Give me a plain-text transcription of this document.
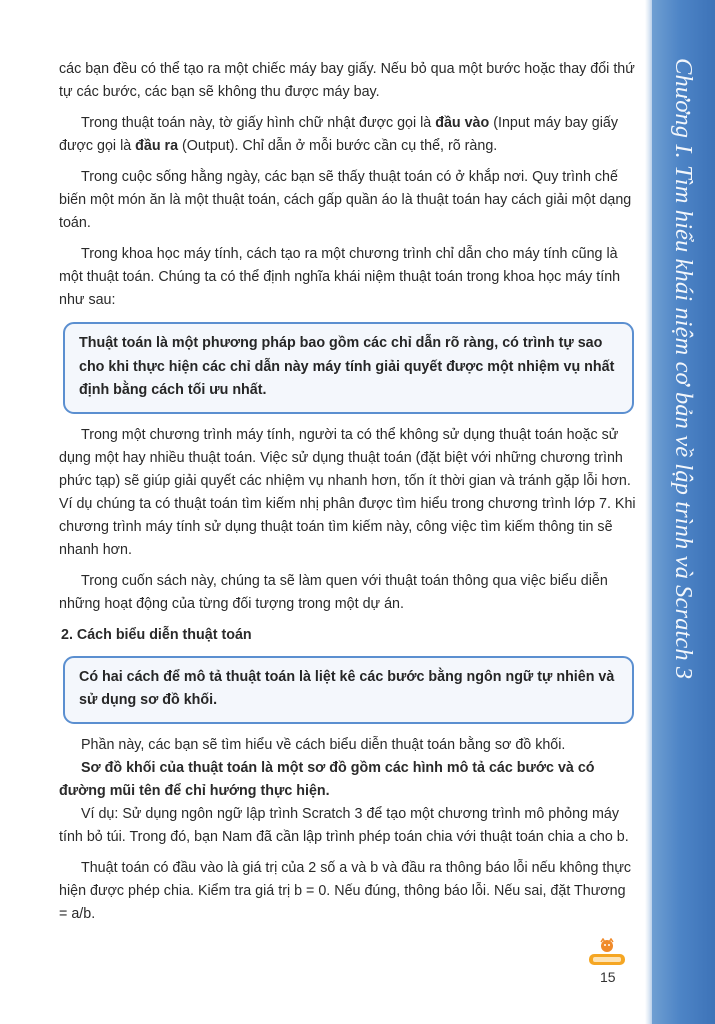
Chương I. Tìm hiểu khái niệm cơ bản về lập trình và Scratch 3

các bạn đều có thể tạo ra một chiếc máy bay giấy. Nếu bỏ qua một bước hoặc thay đổi thứ tự các bước, các bạn sẽ không thu được máy bay.

Trong thuật toán này, tờ giấy hình chữ nhật được gọi là đầu vào (Input máy bay giấy được gọi là đầu ra (Output). Chỉ dẫn ở mỗi bước cần cụ thể, rõ ràng.

Trong cuộc sống hằng ngày, các bạn sẽ thấy thuật toán có ở khắp nơi. Quy trình chế biến một món ăn là một thuật toán, cách gấp quần áo là thuật toán hay cách giải một dạng toán.

Trong khoa học máy tính, cách tạo ra một chương trình chỉ dẫn cho máy tính cũng là một thuật toán. Chúng ta có thể định nghĩa khái niệm thuật toán trong khoa học máy tính như sau:

Thuật toán là một phương pháp bao gồm các chỉ dẫn rõ ràng, có trình tự sao cho khi thực hiện các chỉ dẫn này máy tính giải quyết được một nhiệm vụ nhất định bằng cách tối ưu nhất.

Trong một chương trình máy tính, người ta có thể không sử dụng thuật toán hoặc sử dụng một hay nhiều thuật toán. Việc sử dụng thuật toán (đặt biệt với những chương trình phức tạp) sẽ giúp giải quyết các nhiệm vụ nhanh hơn, tốn ít thời gian và tránh gặp lỗi hơn. Ví dụ chúng ta có thuật toán tìm kiếm nhị phân được tìm hiểu trong chương trình lớp 7. Khi chương trình máy tính sử dụng thuật toán tìm kiếm này, công việc tìm kiếm thông tin sẽ nhanh hơn.

Trong cuốn sách này, chúng ta sẽ làm quen với thuật toán thông qua việc biểu diễn những hoạt động của từng đối tượng trong một dự án.

2. Cách biểu diễn thuật toán

Có hai cách để mô tả thuật toán là liệt kê các bước bằng ngôn ngữ tự nhiên và sử dụng sơ đồ khối.

Phần này, các bạn sẽ tìm hiểu về cách biểu diễn thuật toán bằng sơ đồ khối.

Sơ đồ khối của thuật toán là một sơ đồ gồm các hình mô tả các bước và có đường mũi tên để chỉ hướng thực hiện.

Ví dụ: Sử dụng ngôn ngữ lập trình Scratch 3 để tạo một chương trình mô phỏng máy tính bỏ túi. Trong đó, bạn Nam đã cần lập trình phép toán chia với thuật toán chia a cho b.

Thuật toán có đầu vào là giá trị của 2 số a và b và đầu ra thông báo lỗi nếu không thực hiện được phép chia. Kiểm tra giá trị b = 0. Nếu đúng, thông báo lỗi. Nếu sai, đặt Thương = a/b.

15
